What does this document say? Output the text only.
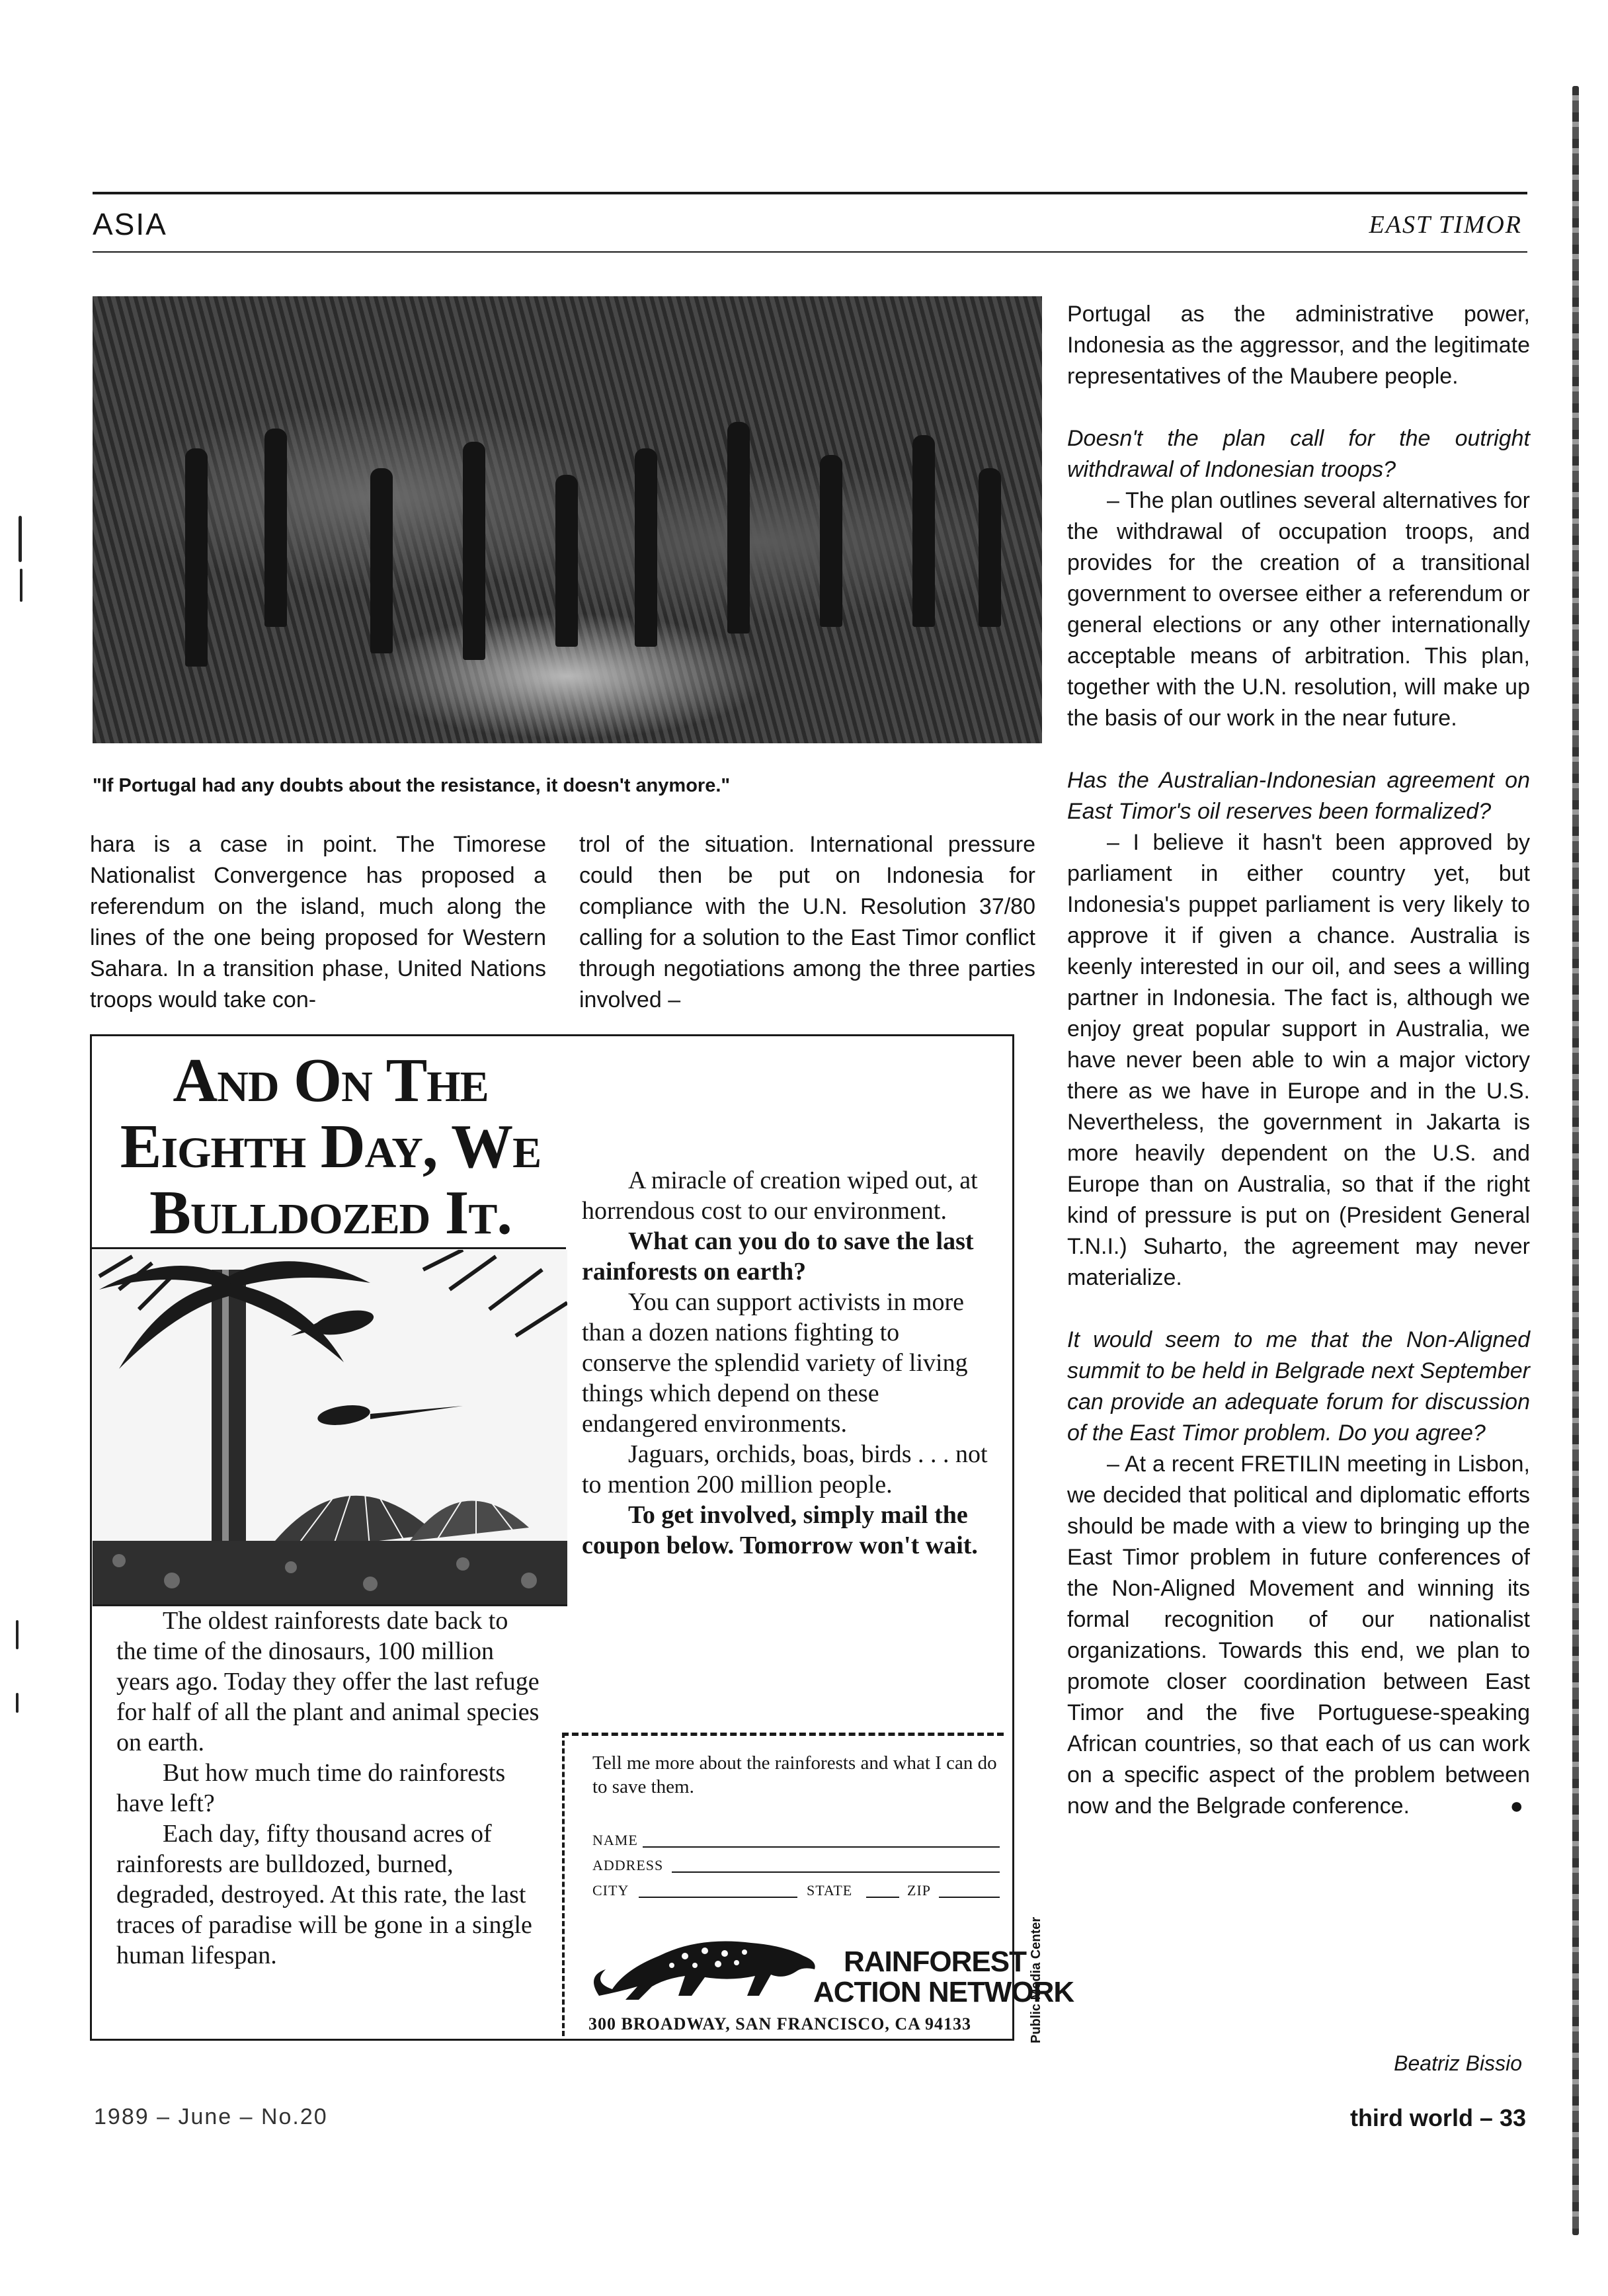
ASIA	EAST TIMOR
"If Portugal had any doubts about the resistance, it doesn't anymore."
hara is a case in point. The Timorese Nationalist Convergence has proposed a referendum on the island, much along the lines of the one being proposed for Western Sahara. In a transition phase, United Nations troops would take con-
trol of the situation. International pressure could then be put on Indonesia for compliance with the U.N. Resolution 37/80 calling for a solution to the East Timor conflict through negotiations among the three parties involved –

Portugal as the administrative power, Indonesia as the aggressor, and the legitimate representatives of the Maubere people.

Doesn't the plan call for the outright withdrawal of Indonesian troops?
– The plan outlines several alternatives for the withdrawal of occupation troops, and provides for the creation of a transitional government to oversee either a referendum or general elections or any other internationally acceptable means of arbitration. This plan, together with the U.N. resolution, will make up the basis of our work in the near future.

Has the Australian-Indonesian agreement on East Timor's oil reserves been formalized?
– I believe it hasn't been approved by parliament in either country yet, but Indonesia's puppet parliament is very likely to approve it if given a chance. Australia is keenly interested in our oil, and sees a willing partner in Indonesia. The fact is, although we enjoy great popular support in Australia, we have never been able to win a major victory there as we have in Europe and in the U.S. Nevertheless, the government in Jakarta is more heavily dependent on the U.S. and Europe than on Australia, so that if the right kind of pressure is put on (President General T.N.I.) Suharto, the agreement may never materialize.

It would seem to me that the Non-Aligned summit to be held in Belgrade next September can provide an adequate forum for discussion of the East Timor problem. Do you agree?
– At a recent FRETILIN meeting in Lisbon, we decided that political and diplomatic efforts should be made with a view to bringing up the East Timor problem in future conferences of the Non-Aligned Movement and winning its formal recognition of our nationalist organizations. Towards this end, we plan to promote closer coordination between East Timor and the five Portuguese-speaking African countries, so that each of us can work on a specific aspect of the problem between now and the Belgrade conference.	●

And On The Eighth Day, We Bulldozed It.

The oldest rainforests date back to the time of the dinosaurs, 100 million years ago. Today they offer the last refuge for half of all the plant and animal species on earth.

But how much time do rainforests have left?

Each day, fifty thousand acres of rainforests are bulldozed, burned, degraded, destroyed. At this rate, the last traces of paradise will be gone in a single human lifespan.

A miracle of creation wiped out, at horrendous cost to our environment.

What can you do to save the last rainforests on earth?

You can support activists in more than a dozen nations fighting to conserve the splendid variety of living things which depend on these endangered environments.

Jaguars, orchids, boas, birds . . . not to mention 200 million people.

To get involved, simply mail the coupon below. Tomorrow won't wait.

Tell me more about the rainforests and what I can do to save them.
NAME
ADDRESS
CITY	STATE	ZIP
RAINFOREST
ACTION NETWORK
300 BROADWAY, SAN FRANCISCO, CA 94133	Public Media Center
Beatriz Bissio
1989 – June – No.20	third world – 33
